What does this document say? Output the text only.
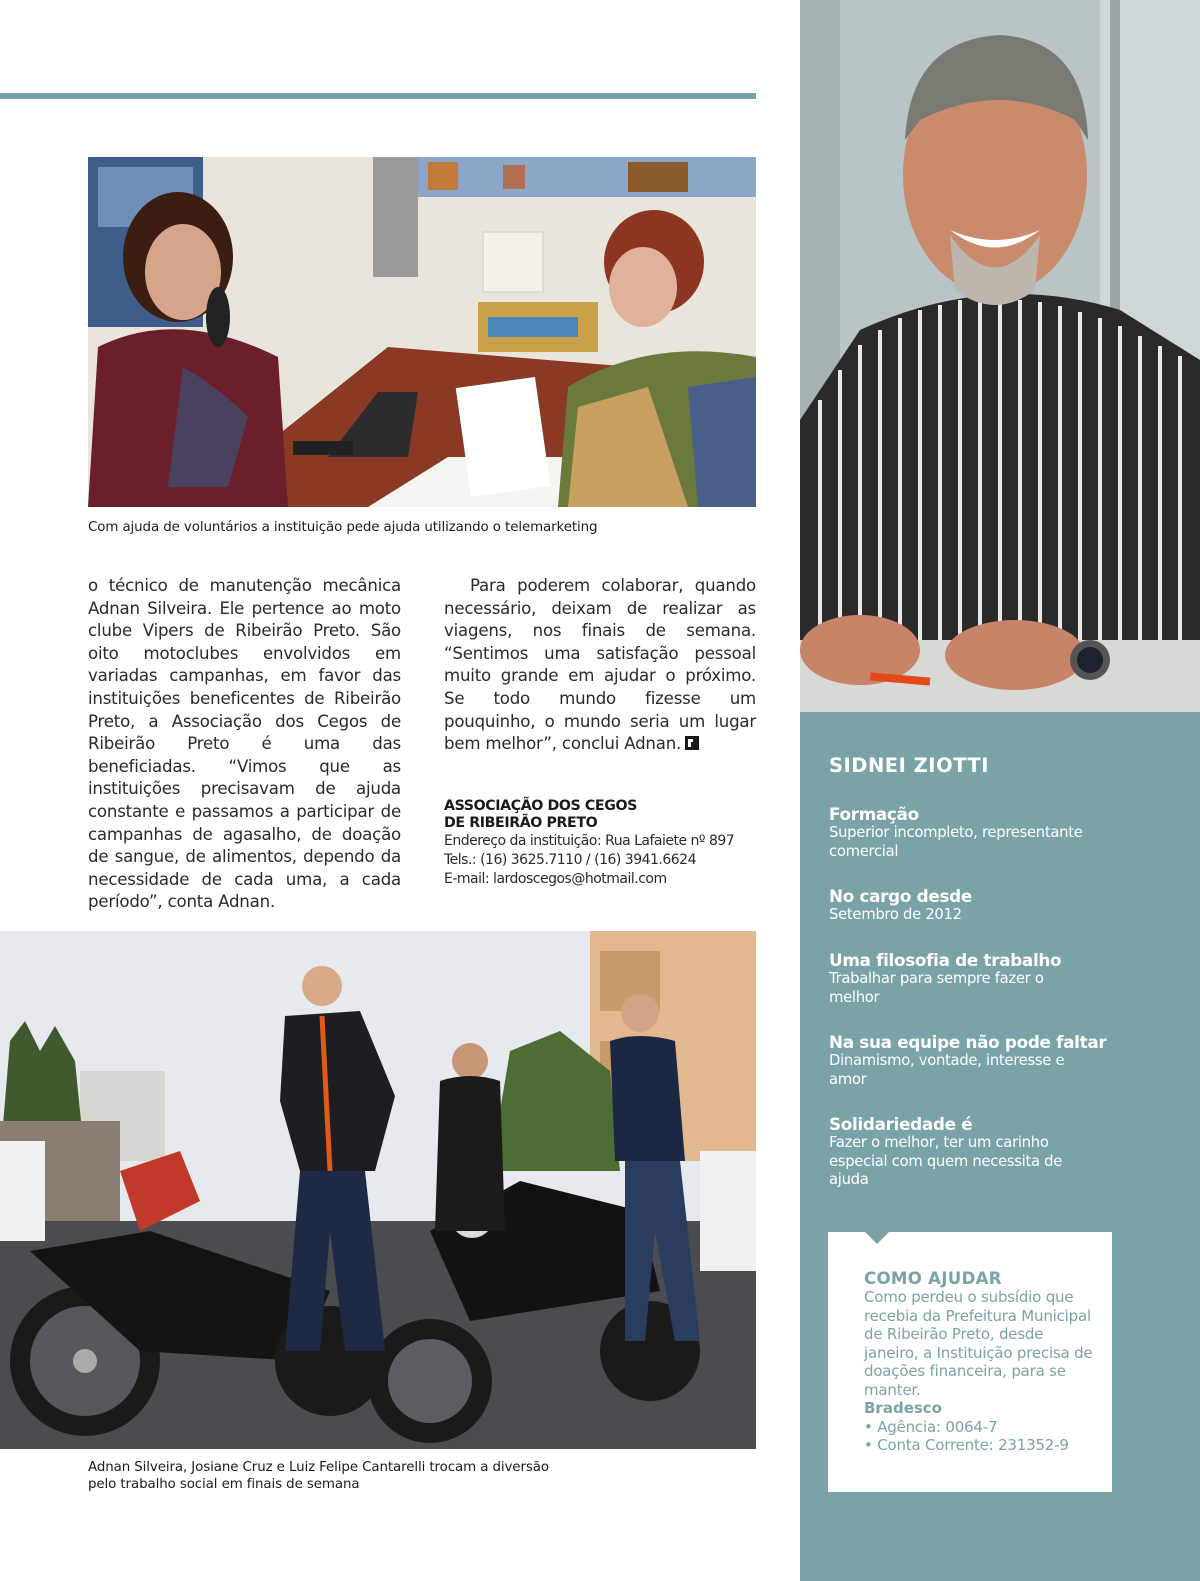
Com ajuda de voluntários a instituição pede ajuda utilizando o telemarketing

o técnico de manutenção mecânica Adnan Silveira. Ele pertence ao moto clube Vipers de Ribeirão Preto. São oito motoclubes envolvidos em variadas campanhas, em favor das instituições beneficentes de Ribeirão Preto, a Associação dos Cegos de Ribeirão Preto é uma das beneficiadas. “Vimos que as instituições precisavam de ajuda constante e passamos a participar de campanhas de agasalho, de doação de sangue, de alimentos, dependo da necessidade de cada uma, a cada período”, conta Adnan.

Para poderem colaborar, quando necessário, deixam de realizar as viagens, nos finais de semana. “Sentimos uma satisfação pessoal muito grande em ajudar o próximo. Se todo mundo fizesse um pouquinho, o mundo seria um lugar bem melhor”, conclui Adnan.

ASSOCIAÇÃO DOS CEGOS
DE RIBEIRÃO PRETO
Endereço da instituição: Rua Lafaiete nº 897
Tels.: (16) 3625.7110 / (16) 3941.6624
E-mail: lardoscegos@hotmail.com
Adnan Silveira, Josiane Cruz e Luiz Felipe Cantarelli trocam a diversão
pelo trabalho social em finais de semana
SIDNEI ZIOTTI
Formação
Superior incompleto, representante comercial
No cargo desde
Setembro de 2012
Uma filosofia de trabalho
Trabalhar para sempre fazer o melhor
Na sua equipe não pode faltar
Dinamismo, vontade, interesse e amor
Solidariedade é
Fazer o melhor, ter um carinho especial com quem necessita de ajuda
COMO AJUDAR
Como perdeu o subsídio que recebia da Prefeitura Municipal de Ribeirão Preto, desde janeiro, a Instituição precisa de doações financeira, para se manter.
Bradesco
• Agência: 0064-7
• Conta Corrente: 231352-9
